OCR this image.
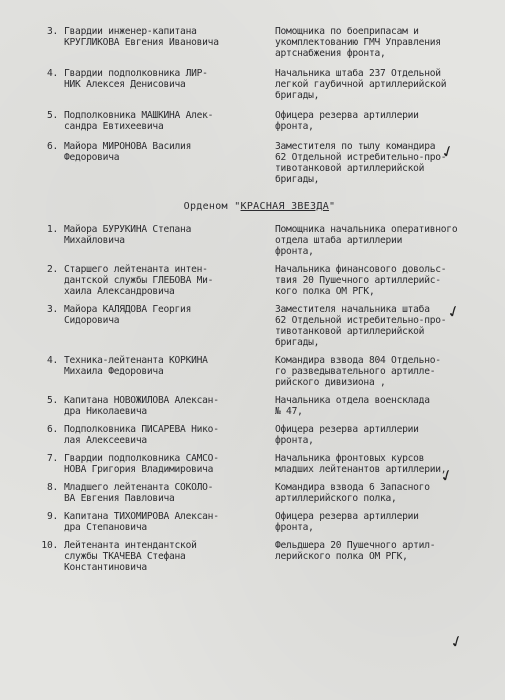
3. Гвардии инженер-капитана
КРУГЛИКОВА Евгения Ивановича
Помощника по боеприпасам и
укомплектованию ГМЧ Управления
артснабжения фронта,
4. Гвардии подполковника ЛИР-
НИК Алексея Денисовича
Начальника штаба 237 Отдельной
легкой гаубичной артиллерийской
бригады,
5. Подполковника МАШКИНА Алек-
сандра Евтихеевича
Офицера резерва артиллерии
фронта,
6. Майора МИРОНОВА Василия
Федоровича
Заместителя по тылу командира
62 Отдельной истребительно-про-
тивотанковой артиллерийской
бригады,
Орденом "КРАСНАЯ ЗВЕЗДА"
1. Майора БУРУКИНА Степана
Михайловича
Помощника начальника оперативного
отдела штаба артиллерии
фронта,
2. Старшего лейтенанта интен-
дантской службы ГЛЕБОВА Ми-
хаила Александровича
Начальника финансового довольс-
твия 20 Пушечного артиллерийс-
кого полка ОМ РГК,
3. Майора КАЛЯДОВА Георгия
Сидоровича
Заместителя начальника штаба
62 Отдельной истребительно-про-
тивотанковой артиллерийской
бригады,
4. Техника-лейтенанта КОРКИНА
Михаила Федоровича
Командира взвода 804 Отдельно-
го разведывательного артилле-
рийского дивизиона ,
5. Капитана НОВОЖИЛОВА Алексан-
дра Николаевича
Начальника отдела военсклада
№ 47,
6. Подполковника ПИСАРЕВА Нико-
лая Алексеевича
Офицера резерва артиллерии
фронта,
7. Гвардии подполковника САМСО-
НОВА Григория Владимировича
Начальника фронтовых курсов
младших лейтенантов артиллерии,
8. Младшего лейтенанта СОКОЛО-
ВА Евгения Павловича
Командира взвода 6 Запасного
артиллерийского полка,
9. Капитана ТИХОМИРОВА Алексан-
дра Степановича
Офицера резерва артиллерии
фронта,
10. Лейтенанта интендантской
службы ТКАЧЕВА Стефана
Константиновича
Фельдшера 20 Пушечного артил-
лерийского полка ОМ РГК,
✓
✓
✓
✓
